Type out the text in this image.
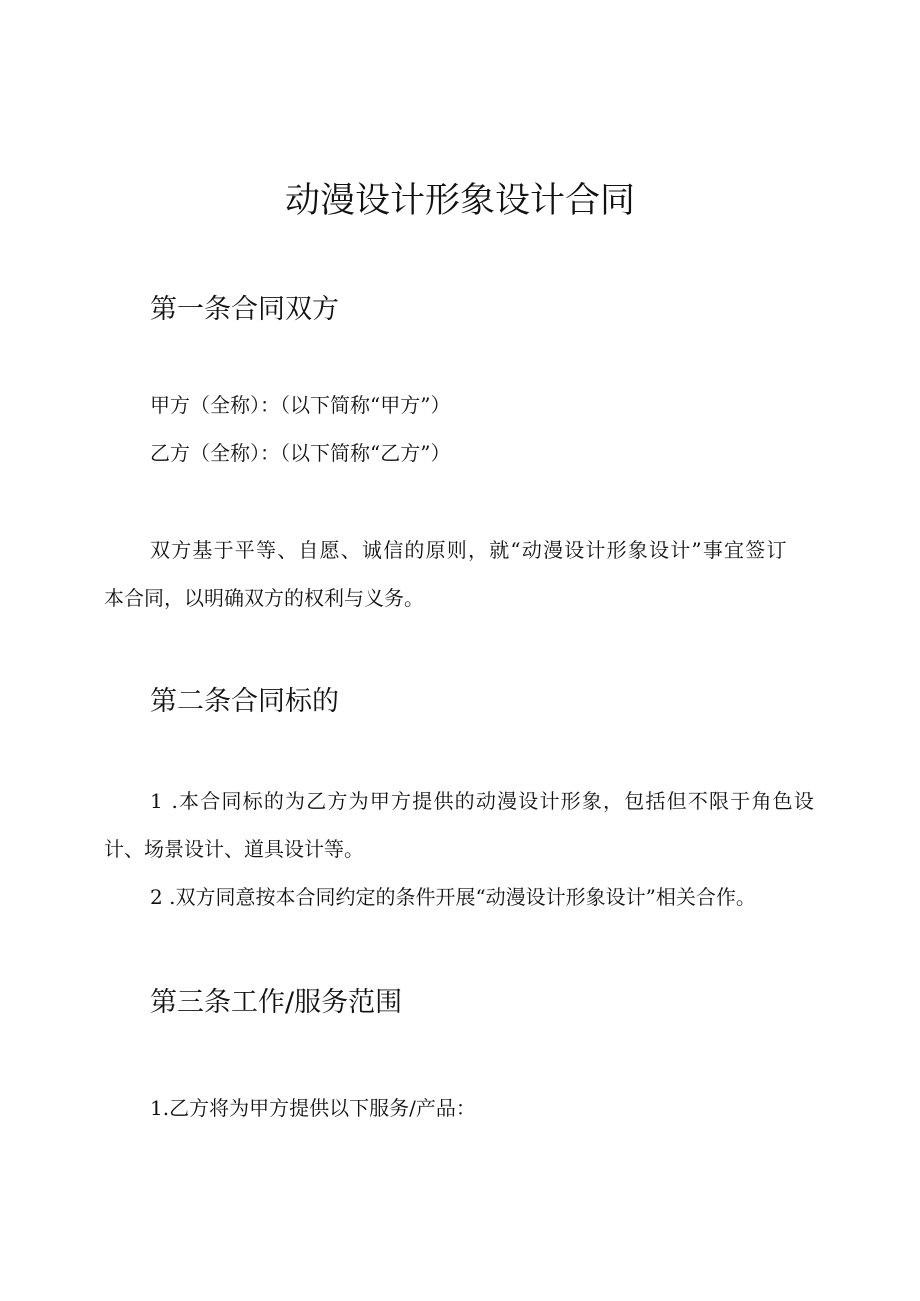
动漫设计形象设计合同
第一条合同双方

甲方（全称）：（以下简称“甲方”）

乙方（全称）：（以下简称“乙方”）

双方基于平等、自愿、诚信的原则，就“动漫设计形象设计”事宜签订

本合同，以明确双方的权利与义务。

第二条合同标的

1 .本合同标的为乙方为甲方提供的动漫设计形象，包括但不限于角色设

计、场景设计、道具设计等。

2 .双方同意按本合同约定的条件开展“动漫设计形象设计”相关合作。

第三条工作/服务范围

1.乙方将为甲方提供以下服务/产品：
